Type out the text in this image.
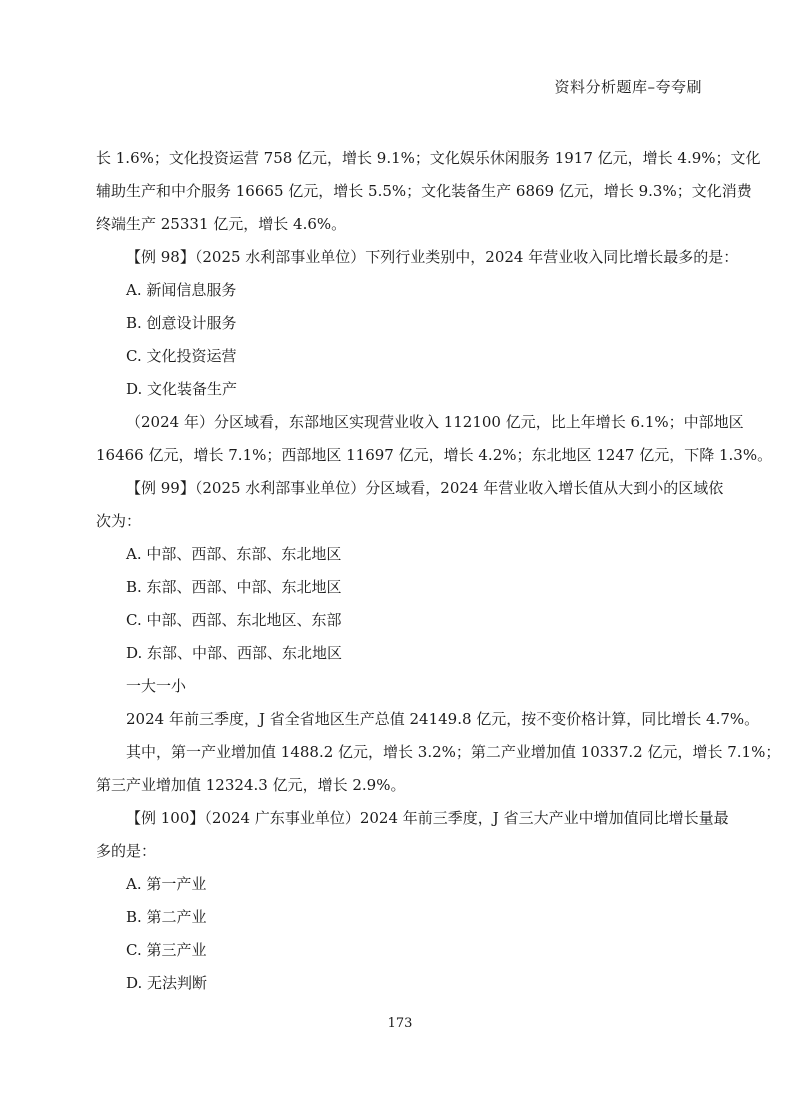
资料分析题库–夸夸刷

长 1.6%；文化投资运营 758 亿元，增长 9.1%；文化娱乐休闲服务 1917 亿元，增长 4.9%；文化

辅助生产和中介服务 16665 亿元，增长 5.5%；文化装备生产 6869 亿元，增长 9.3%；文化消费

终端生产 25331 亿元，增长 4.6%。

【例 98】（2025 水利部事业单位）下列行业类别中，2024 年营业收入同比增长最多的是：

A. 新闻信息服务

B. 创意设计服务

C. 文化投资运营

D. 文化装备生产

（2024 年）分区域看，东部地区实现营业收入 112100 亿元，比上年增长 6.1%；中部地区

16466 亿元，增长 7.1%；西部地区 11697 亿元，增长 4.2%；东北地区 1247 亿元，下降 1.3%。

【例 99】（2025 水利部事业单位）分区域看，2024 年营业收入增长值从大到小的区域依

次为：

A. 中部、西部、东部、东北地区

B. 东部、西部、中部、东北地区

C. 中部、西部、东北地区、东部

D. 东部、中部、西部、东北地区

一大一小

2024 年前三季度，J 省全省地区生产总值 24149.8 亿元，按不变价格计算，同比增长 4.7%。

其中，第一产业增加值 1488.2 亿元，增长 3.2%；第二产业增加值 10337.2 亿元，增长 7.1%；

第三产业增加值 12324.3 亿元，增长 2.9%。

【例 100】（2024 广东事业单位）2024 年前三季度，J 省三大产业中增加值同比增长量最

多的是：

A. 第一产业

B. 第二产业

C. 第三产业

D. 无法判断

173
